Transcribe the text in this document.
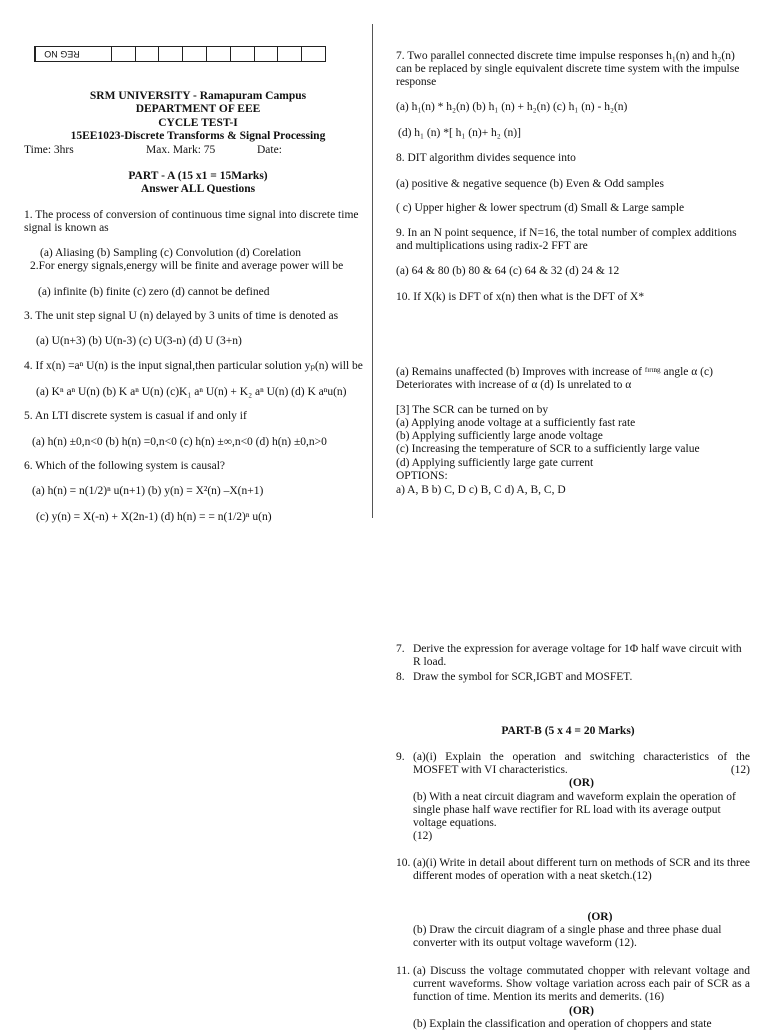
REG NO
SRM UNIVERSITY - Ramapuram Campus
DEPARTMENT OF EEE
CYCLE TEST-I
15EE1023-Discrete Transforms & Signal Processing
Time: 3hrs	Max. Mark: 75	Date:
PART - A (15 x1 = 15Marks)
Answer ALL Questions
1. The process of conversion of continuous time signal into discrete time signal is known as
(a) Aliasing (b) Sampling (c) Convolution (d) Corelation
2.For energy signals,energy will be finite and average power will be
(a) infinite (b) finite (c) zero (d) cannot be defined
3. The unit step signal U (n) delayed by 3 units of time is denoted as
(a) U(n+3) (b) U(n-3) (c) U(3-n) (d) U (3+n)
4. If x(n) =aⁿ U(n) is the input signal,then particular solution yₚ(n) will be
(a) Kⁿ aⁿ U(n) (b) K aⁿ U(n) (c)K₁ aⁿ U(n) + K₂ aⁿ U(n) (d) K aⁿu(n)
5. An LTI discrete system is casual if and only if
(a) h(n) ±0,n<0 (b) h(n) =0,n<0 (c) h(n) ±∞,n<0 (d) h(n) ±0,n>0
6. Which of the following system is causal?
(a) h(n) = n(1/2)ⁿ u(n+1) (b) y(n) = X²(n) –X(n+1)
(c) y(n) = X(-n) + X(2n-1) (d) h(n) = = n(1/2)ⁿ u(n)
7. Two parallel connected discrete time impulse responses h₁(n) and h₂(n) can be replaced by single equivalent discrete time system with the impulse response
(a) h₁(n) * h₂(n) (b) h₁ (n) + h₂(n) (c) h₁ (n) - h₂(n)
(d) h₁ (n) *[ h₁ (n)+ h₂ (n)]
8. DIT algorithm divides sequence into
(a) positive & negative sequence (b) Even & Odd samples
( c) Upper higher & lower spectrum (d) Small & Large sample
9. In an N point sequence, if N=16, the total number of complex additions and multiplications using radix-2 FFT are
(a) 64 & 80 (b) 80 & 64 (c) 64 & 32 (d) 24 & 12
10. If X(k) is DFT of x(n) then what is the DFT of X*
(a) Remains unaffected (b) Improves with increase of ᶠᶦʳᶦⁿᵍ angle α (c) Deteriorates with increase of α (d) Is unrelated to α
[3] The SCR can be turned on by
(a) Applying anode voltage at a sufficiently fast rate
(b) Applying sufficiently large anode voltage
(c) Increasing the temperature of SCR to a sufficiently large value
(d) Applying sufficiently large gate current
OPTIONS:
a) A, B b) C, D c) B, C d) A, B, C, D
7. Derive the expression for average voltage for 1Φ half wave circuit with R load.
8. Draw the symbol for SCR,IGBT and MOSFET.
PART-B (5 x 4 = 20 Marks)
9. (a)(i) Explain the operation and switching characteristics of the MOSFET with VI characteristics.	(12)
(OR)
(b) With a neat circuit diagram and waveform explain the operation of single phase half wave rectifier for RL load with its average output voltage equations.
(12)
10. (a)(i) Write in detail about different turn on methods of SCR and its three different modes of operation with a neat sketch.(12)
(OR)
(b) Draw the circuit diagram of a single phase and three phase dual converter with its output voltage waveform (12).
11. (a) Discuss the voltage commutated chopper with relevant voltage and current waveforms. Show voltage variation across each pair of SCR as a function of time. Mention its merits and demerits. (16)
(OR)
(b) Explain the classification and operation of choppers and state
